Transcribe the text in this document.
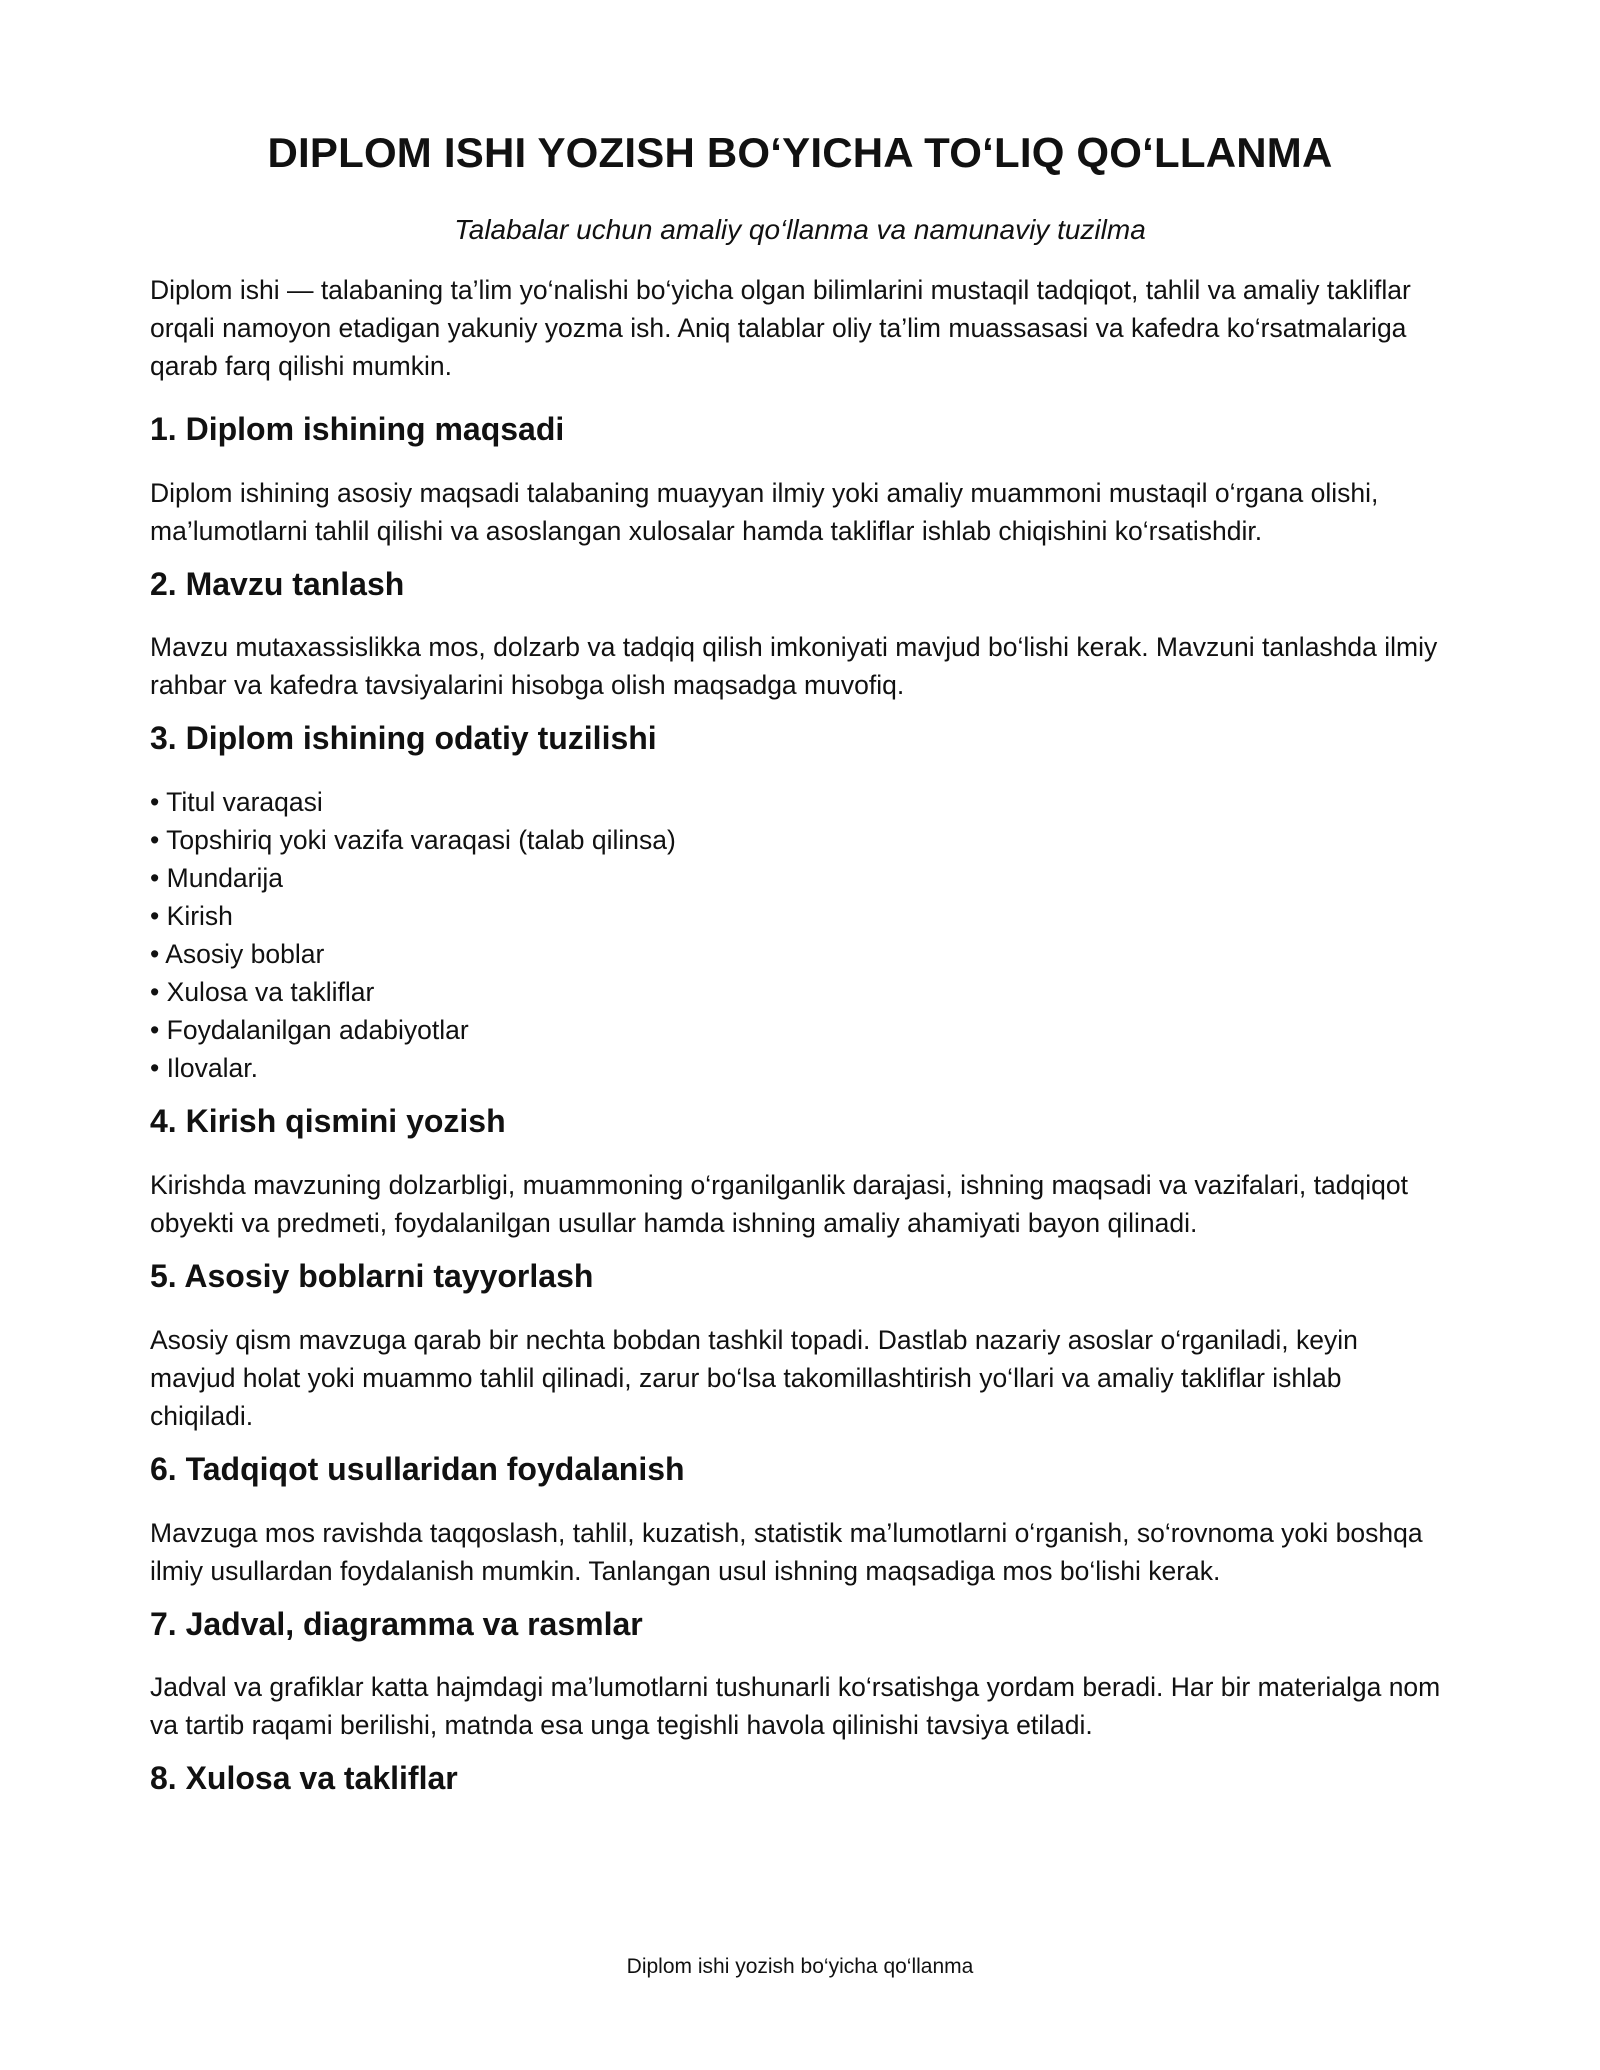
DIPLOM ISHI YOZISH BO‘YICHA TO‘LIQ QO‘LLANMA

Talabalar uchun amaliy qo‘llanma va namunaviy tuzilma

Diplom ishi — talabaning ta’lim yo‘nalishi bo‘yicha olgan bilimlarini mustaqil tadqiqot, tahlil va amaliy takliflar orqali namoyon etadigan yakuniy yozma ish. Aniq talablar oliy ta’lim muassasasi va kafedra ko‘rsatmalariga qarab farq qilishi mumkin.

1. Diplom ishining maqsadi

Diplom ishining asosiy maqsadi talabaning muayyan ilmiy yoki amaliy muammoni mustaqil o‘rgana olishi, ma’lumotlarni tahlil qilishi va asoslangan xulosalar hamda takliflar ishlab chiqishini ko‘rsatishdir.

2. Mavzu tanlash

Mavzu mutaxassislikka mos, dolzarb va tadqiq qilish imkoniyati mavjud bo‘lishi kerak. Mavzuni tanlashda ilmiy rahbar va kafedra tavsiyalarini hisobga olish maqsadga muvofiq.

3. Diplom ishining odatiy tuzilishi
• Titul varaqasi
• Topshiriq yoki vazifa varaqasi (talab qilinsa)
• Mundarija
• Kirish
• Asosiy boblar
• Xulosa va takliflar
• Foydalanilgan adabiyotlar
• Ilovalar.
4. Kirish qismini yozish

Kirishda mavzuning dolzarbligi, muammoning o‘rganilganlik darajasi, ishning maqsadi va vazifalari, tadqiqot obyekti va predmeti, foydalanilgan usullar hamda ishning amaliy ahamiyati bayon qilinadi.

5. Asosiy boblarni tayyorlash

Asosiy qism mavzuga qarab bir nechta bobdan tashkil topadi. Dastlab nazariy asoslar o‘rganiladi, keyin mavjud holat yoki muammo tahlil qilinadi, zarur bo‘lsa takomillashtirish yo‘llari va amaliy takliflar ishlab chiqiladi.

6. Tadqiqot usullaridan foydalanish

Mavzuga mos ravishda taqqoslash, tahlil, kuzatish, statistik ma’lumotlarni o‘rganish, so‘rovnoma yoki boshqa ilmiy usullardan foydalanish mumkin. Tanlangan usul ishning maqsadiga mos bo‘lishi kerak.

7. Jadval, diagramma va rasmlar

Jadval va grafiklar katta hajmdagi ma’lumotlarni tushunarli ko‘rsatishga yordam beradi. Har bir materialga nom va tartib raqami berilishi, matnda esa unga tegishli havola qilinishi tavsiya etiladi.

8. Xulosa va takliflar
Diplom ishi yozish bo‘yicha qo‘llanma
